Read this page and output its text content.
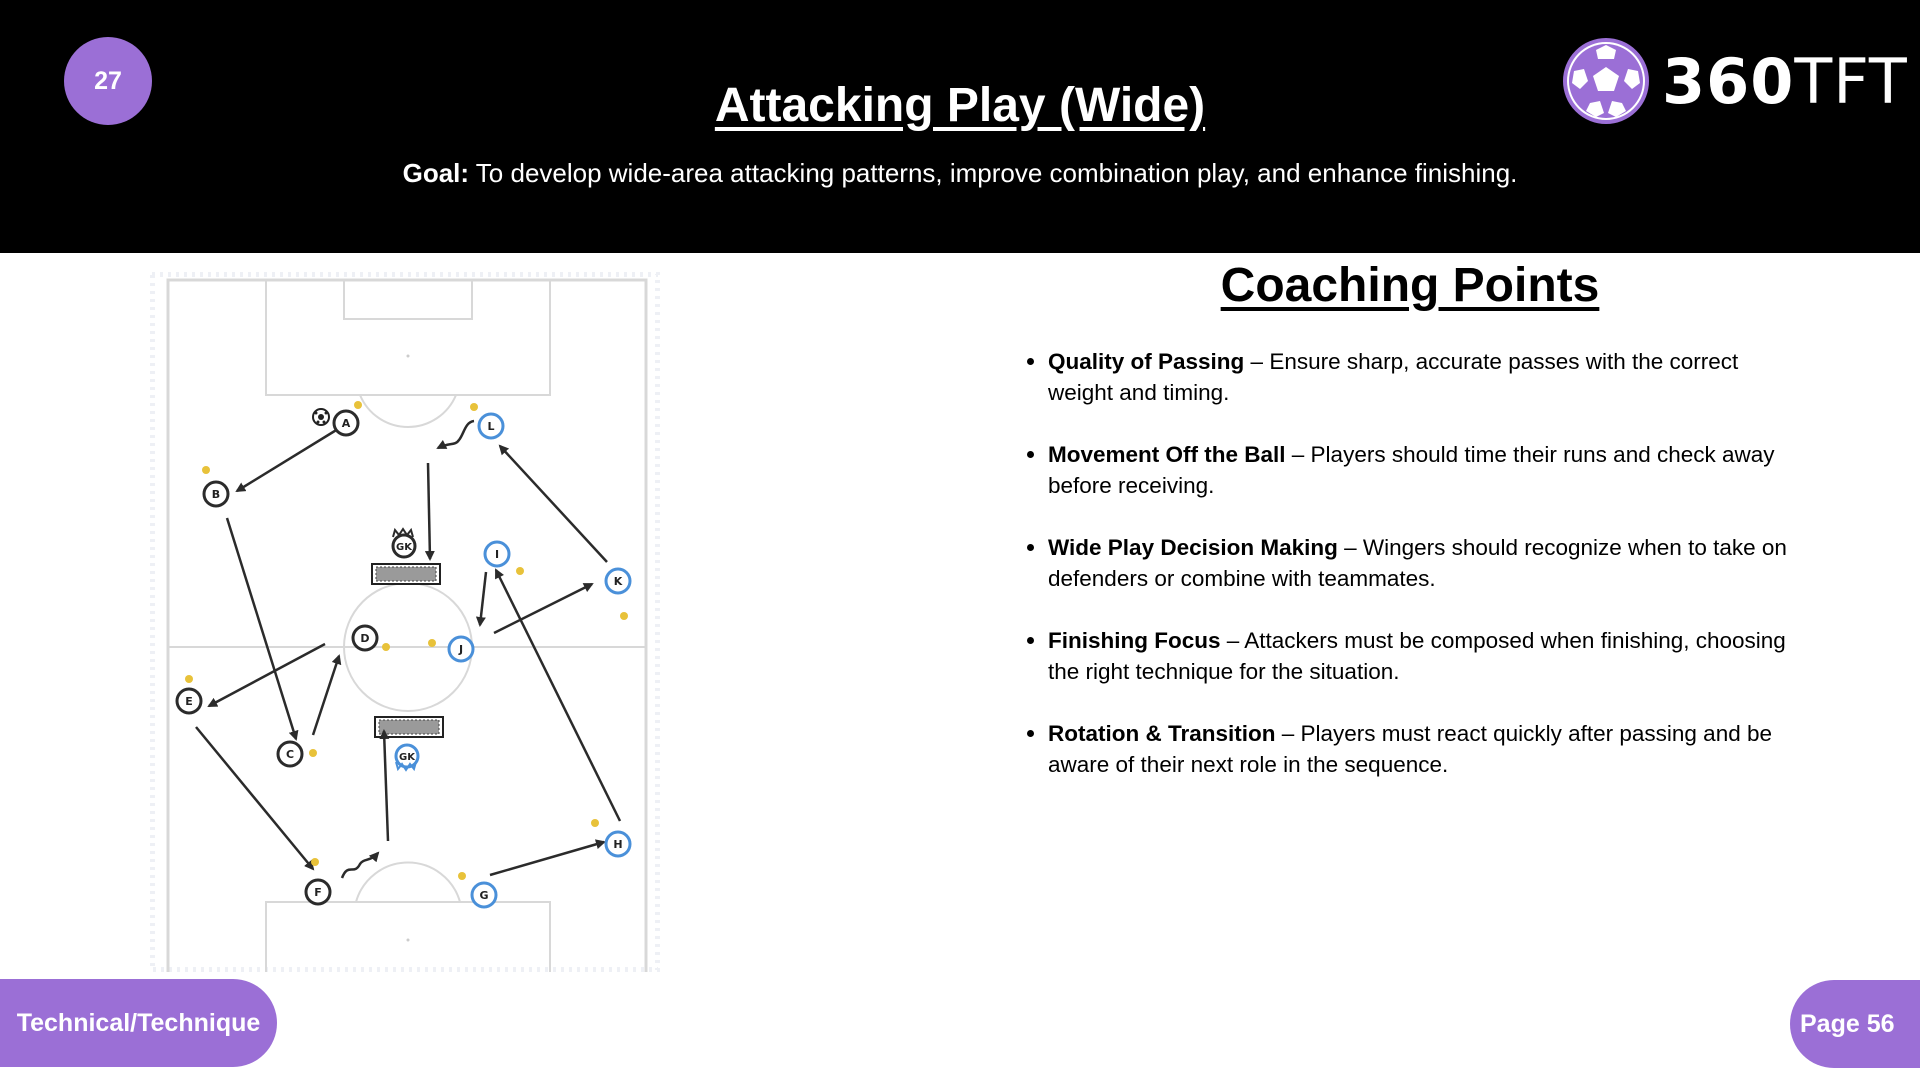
27	Attacking Play (Wide)
Goal: To develop wide-area attacking patterns, improve combination play, and enhance finishing.
360TFT
A
B
C
D
E
F
GK
G
H
I
J
K
L
GK
Coaching Points
Quality of Passing – Ensure sharp, accurate passes with the correct weight and timing.
Movement Off the Ball – Players should time their runs and check away before receiving.
Wide Play Decision Making – Wingers should recognize when to take on defenders or combine with teammates.
Finishing Focus – Attackers must be composed when finishing, choosing the right technique for the situation.
Rotation & Transition – Players must react quickly after passing and be aware of their next role in the sequence.
Technical/Technique	Page 56
